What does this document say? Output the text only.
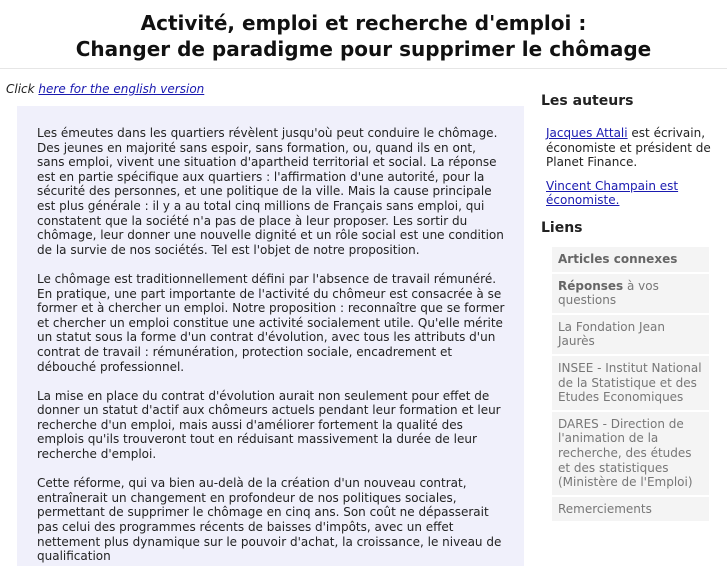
Activité, emploi et recherche d'emploi :
Changer de paradigme pour supprimer le chômage
Click here for the english version

Les émeutes dans les quartiers révèlent jusqu'où peut conduire le chômage. Des jeunes en majorité sans espoir, sans formation, ou, quand ils en ont, sans emploi, vivent une situation d'apartheid territorial et social. La réponse est en partie spécifique aux quartiers : l'affirmation d'une autorité, pour la sécurité des personnes, et une politique de la ville. Mais la cause principale est plus générale : il y a au total cinq millions de Français sans emploi, qui constatent que la société n'a pas de place à leur proposer. Les sortir du chômage, leur donner une nouvelle dignité et un rôle social est une condition de la survie de nos sociétés. Tel est l'objet de notre proposition.

Le chômage est traditionnellement défini par l'absence de travail rémunéré. En pratique, une part importante de l'activité du chômeur est consacrée à se former et à chercher un emploi. Notre proposition : reconnaître que se former et chercher un emploi constitue une activité socialement utile. Qu'elle mérite un statut sous la forme d'un contrat d'évolution, avec tous les attributs d'un contrat de travail : rémunération, protection sociale, encadrement et débouché professionnel.

La mise en place du contrat d'évolution aurait non seulement pour effet de donner un statut d'actif aux chômeurs actuels pendant leur formation et leur recherche d'un emploi, mais aussi d'améliorer fortement la qualité des emplois qu'ils trouveront tout en réduisant massivement la durée de leur recherche d'emploi.

Cette réforme, qui va bien au-delà de la création d'un nouveau contrat, entraînerait un changement en profondeur de nos politiques sociales, permettant de supprimer le chômage en cinq ans. Son coût ne dépasserait pas celui des programmes récents de baisses d'impôts, avec un effet nettement plus dynamique sur le pouvoir d'achat, la croissance, le niveau de qualification

Les auteurs

Jacques Attali est écrivain, économiste et président de Planet Finance.

Vincent Champain est économiste.

Liens
Articles connexes
Réponses à vos questions
La Fondation Jean Jaurès
INSEE - Institut National de la Statistique et des Etudes Economiques
DARES - Direction de l'animation de la recherche, des études et des statistiques (Ministère de l'Emploi)
Remerciements
